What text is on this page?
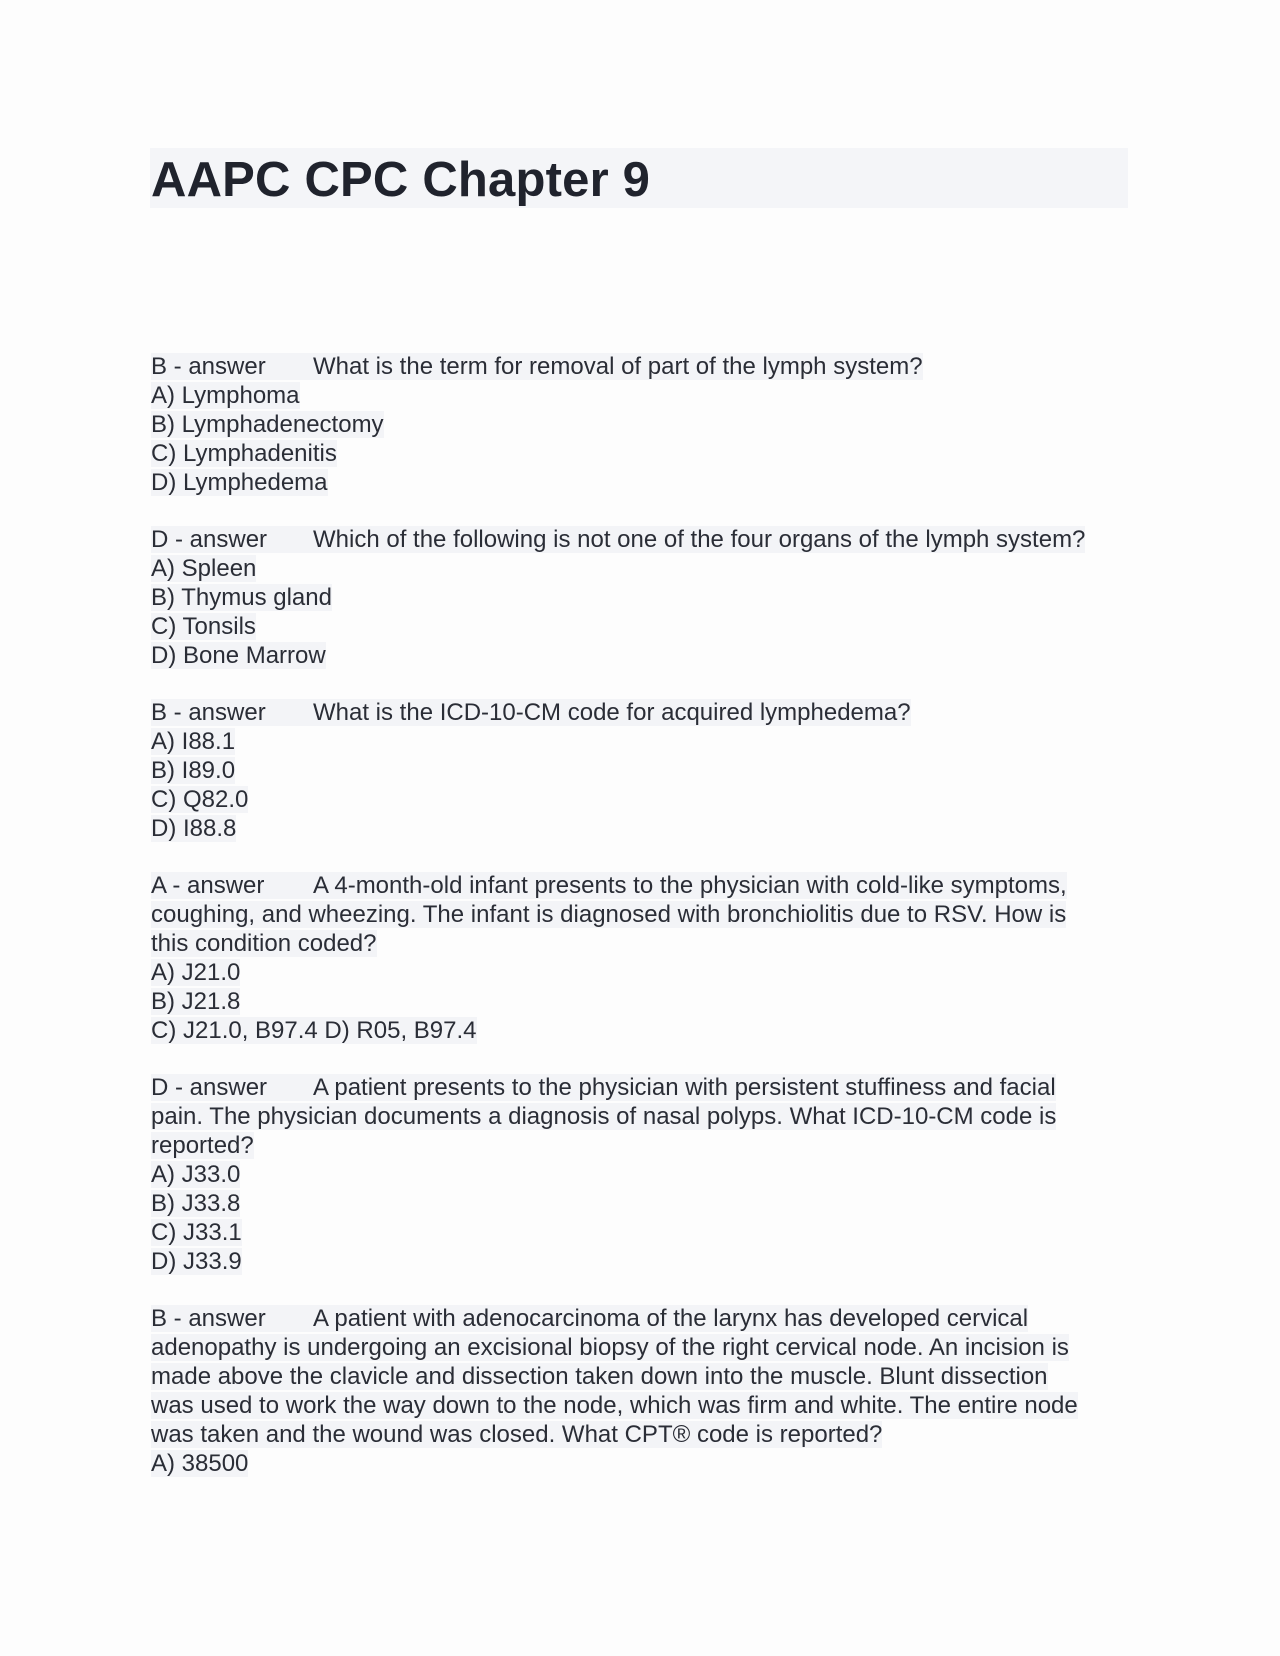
AAPC CPC Chapter 9
B - answer What is the term for removal of part of the lymph system?
A) Lymphoma
B) Lymphadenectomy
C) Lymphadenitis
D) Lymphedema
D - answer Which of the following is not one of the four organs of the lymph system?
A) Spleen
B) Thymus gland
C) Tonsils
D) Bone Marrow
B - answer What is the ICD-10-CM code for acquired lymphedema?
A) I88.1
B) I89.0
C) Q82.0
D) I88.8
A - answer A 4-month-old infant presents to the physician with cold-like symptoms,
coughing, and wheezing. The infant is diagnosed with bronchiolitis due to RSV. How is
this condition coded?
A) J21.0
B) J21.8
C) J21.0, B97.4 D) R05, B97.4
D - answer A patient presents to the physician with persistent stuffiness and facial
pain. The physician documents a diagnosis of nasal polyps. What ICD-10-CM code is
reported?
A) J33.0
B) J33.8
C) J33.1
D) J33.9
B - answer A patient with adenocarcinoma of the larynx has developed cervical
adenopathy is undergoing an excisional biopsy of the right cervical node. An incision is
made above the clavicle and dissection taken down into the muscle. Blunt dissection
was used to work the way down to the node, which was firm and white. The entire node
was taken and the wound was closed. What CPT® code is reported?
A) 38500
